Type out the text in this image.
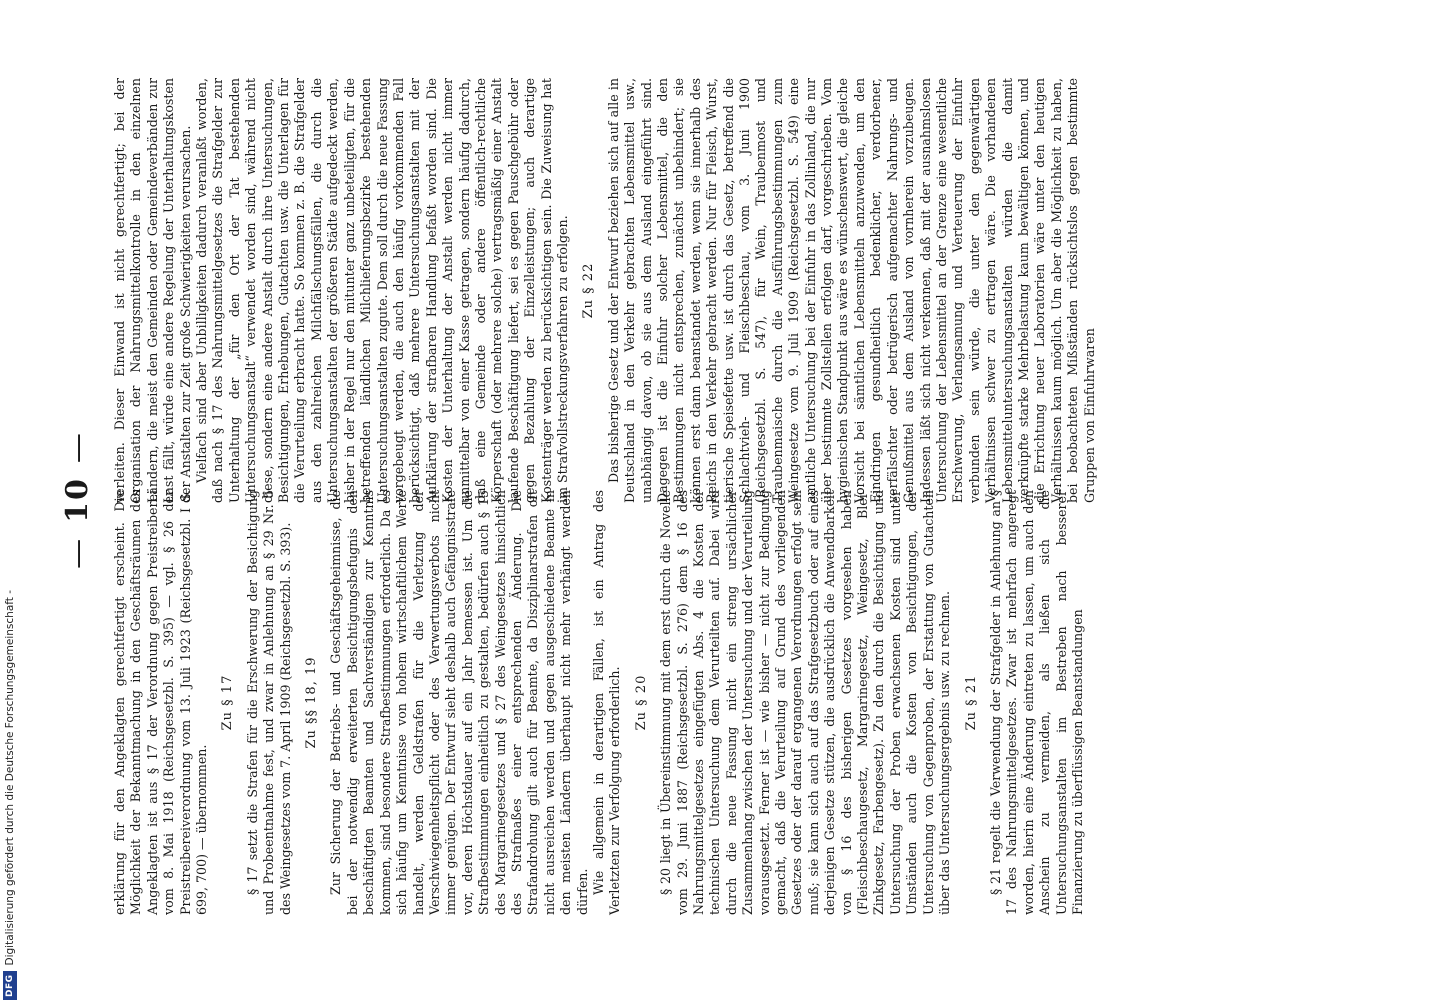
—10—

erklärung für den Angeklagten gerechtfertigt erscheint. Die Möglichkeit der Bekanntmachung in den Geschäftsräumen des Angeklagten ist aus § 17 der Verordnung gegen Preistreiberei vom 8. Mai 1918 (Reichsgesetzbl. S. 395) — vgl. § 26 der Preistreibereiverordnung vom 13. Juli 1923 (Reichsgesetzbl. I S. 699, 700) — übernommen.

Zu § 17 § 17 setzt die Strafen für die Erschwerung der Besichtigung und Probeentnahme fest, und zwar in Anlehnung an § 29 Nr. 5 des Weingesetzes vom 7. April 1909 (Reichsgesetzbl. S. 393). Zu §§ 18, 19 Zur Sicherung der Betriebs- und Geschäftsgeheimnisse, die bei der notwendig erweiterten Besichtigungsbefugnis den beschäftigten Beamten und Sachverständigen zur Kenntnis kommen, sind besondere Strafbestimmungen erforderlich. Da es sich häufig um Kenntnisse von hohem wirtschaftlichem Werte handelt, werden Geldstrafen für die Verletzung der Verschwiegenheitspflicht oder des Verwertungsverbots nicht immer genügen. Der Entwurf sieht deshalb auch Gefängnisstrafe vor, deren Höchstdauer auf ein Jahr bemessen ist. Um die Strafbestimmungen einheitlich zu gestalten, bedürfen auch § 15 des Margarinegesetzes und § 27 des Weingesetzes hinsichtlich des Strafmaßes einer entsprechenden Änderung. Die Strafandrohung gilt auch für Beamte, da Disziplinarstrafen oft nicht ausreichen werden und gegen ausgeschiedene Beamte in den meisten Ländern überhaupt nicht mehr verhängt werden dürfen. Wie allgemein in derartigen Fällen, ist ein Antrag des Verletzten zur Verfolgung erforderlich. Zu § 20 § 20 liegt in Übereinstimmung mit dem erst durch die Novelle vom 29. Juni 1887 (Reichsgesetzbl. S. 276) dem § 16 des Nahrungsmittelgesetzes eingefügten Abs. 4 die Kosten der technischen Untersuchung dem Verurteilten auf. Dabei wird durch die neue Fassung nicht ein streng ursächlicher Zusammenhang zwischen der Untersuchung und der Verurteilung vorausgesetzt. Ferner ist — wie bisher — nicht zur Bedingung gemacht, daß die Verurteilung auf Grund des vorliegenden Gesetzes oder der darauf ergangenen Verordnungen erfolgt sein muß; sie kann sich auch auf das Strafgesetzbuch oder auf eines derjenigen Gesetze stützen, die ausdrücklich die Anwendbarkeit von § 16 des bisherigen Gesetzes vorgesehen haben (Fleischbeschaugesetz, Margarinegesetz, Weingesetz, Blei-Zinkgesetz, Farbengesetz). Zu den durch die Besichtigung und Untersuchung der Proben erwachsenen Kosten sind unter Umständen auch die Kosten von Besichtigungen, der Untersuchung von Gegenproben, der Erstattung von Gutachten über das Untersuchungsergebnis usw. zu rechnen. Zu § 21 § 21 regelt die Verwendung der Strafgelder in Anlehnung an § 17 des Nahrungsmittelgesetzes. Zwar ist mehrfach angeregt worden, hierin eine Änderung eintreten zu lassen, um auch den Anschein zu vermeiden, als ließen sich die Untersuchungsanstalten im Bestreben nach besserer Finanzierung zu überflüssigen Beanstandungen

verleiten. Dieser Einwand ist nicht gerechtfertigt; bei der Organisation der Nahrungsmittelkontrolle in den einzelnen Ländern, die meist den Gemeinden oder Gemeindeverbänden zur Last fällt, würde eine andere Regelung der Unterhaltungskosten der Anstalten zur Zeit große Schwierigkeiten verursachen. Vielfach sind aber Unbilligkeiten dadurch veranlaßt worden, daß nach § 17 des Nahrungsmittelgesetzes die Strafgelder zur Unterhaltung der „für den Ort der Tat bestehenden Untersuchungsanstalt“ verwendet worden sind, während nicht diese, sondern eine andere Anstalt durch ihre Untersuchungen, Besichtigungen, Erhebungen, Gutachten usw. die Unterlagen für die Verurteilung erbracht hatte. So kommen z. B. die Strafgelder aus den zahlreichen Milchfälschungsfällen, die durch die Untersuchungsanstalten der größeren Städte aufgedeckt werden, bisher in der Regel nur den mitunter ganz unbeteiligten, für die betreffenden ländlichen Milchlieferungsbezirke bestehenden Untersuchungsanstalten zugute. Dem soll durch die neue Fassung vorgebeugt werden, die auch den häufig vorkommenden Fall berücksichtigt, daß mehrere Untersuchungsanstalten mit der Aufklärung der strafbaren Handlung befaßt worden sind. Die Kosten der Unterhaltung der Anstalt werden nicht immer unmittelbar von einer Kasse getragen, sondern häufig dadurch, daß eine Gemeinde oder andere öffentlich-rechtliche Körperschaft (oder mehrere solche) vertragsmäßig einer Anstalt laufende Beschäftigung liefert, sei es gegen Pauschgebühr oder gegen Bezahlung der Einzelleistungen; auch derartige Kostenträger werden zu berücksichtigen sein. Die Zuweisung hat im Strafvollstreckungsverfahren zu erfolgen. Zu § 22 Das bisherige Gesetz und der Entwurf beziehen sich auf alle in Deutschland in den Verkehr gebrachten Lebensmittel usw., unabhängig davon, ob sie aus dem Ausland eingeführt sind. Dagegen ist die Einfuhr solcher Lebensmittel, die den Bestimmungen nicht entsprechen, zunächst unbehindert; sie können erst dann beanstandet werden, wenn sie innerhalb des Reichs in den Verkehr gebracht werden. Nur für Fleisch, Wurst, tierische Speisefette usw. ist durch das Gesetz, betreffend die Schlachtvieh- und Fleischbeschau, vom 3. Juni 1900 (Reichsgesetzbl. S. 547), für Wein, Traubenmost und Traubenmaische durch die Ausführungsbestimmungen zum Weingesetze vom 9. Juli 1909 (Reichsgesetzbl. S. 549) eine amtliche Untersuchung bei der Einfuhr in das Zollinland, die nur über bestimmte Zollstellen erfolgen darf, vorgeschrieben. Vom hygienischen Standpunkt aus wäre es wünschenswert, die gleiche Vorsicht bei sämtlichen Lebensmitteln anzuwenden, um den Eindringen gesundheitlich bedenklicher, verdorbener, verfälschter oder betrügerisch aufgemachter Nahrungs- und Genußmittel aus dem Ausland von vornherein vorzubeugen. Indessen läßt sich nicht verkennen, daß mit der ausnahmslosen Untersuchung der Lebensmittel an der Grenze eine wesentliche Erschwerung, Verlangsamung und Verteuerung der Einfuhr verbunden sein würde, die unter den gegenwärtigen Verhältnissen schwer zu ertragen wäre. Die vorhandenen Lebensmitteluntersuchungsanstalten würden die damit verknüpfte starke Mehrbelastung kaum bewältigen können, und die Errichtung neuer Laboratorien wäre unter den heutigen Verhältnissen kaum möglich. Um aber die Möglichkeit zu haben, bei beobachteten Mißständen rücksichtslos gegen bestimmte Gruppen von Einfuhrwaren

DFG
Digitalisierung gefördert durch die Deutsche Forschungsgemeinschaft -
